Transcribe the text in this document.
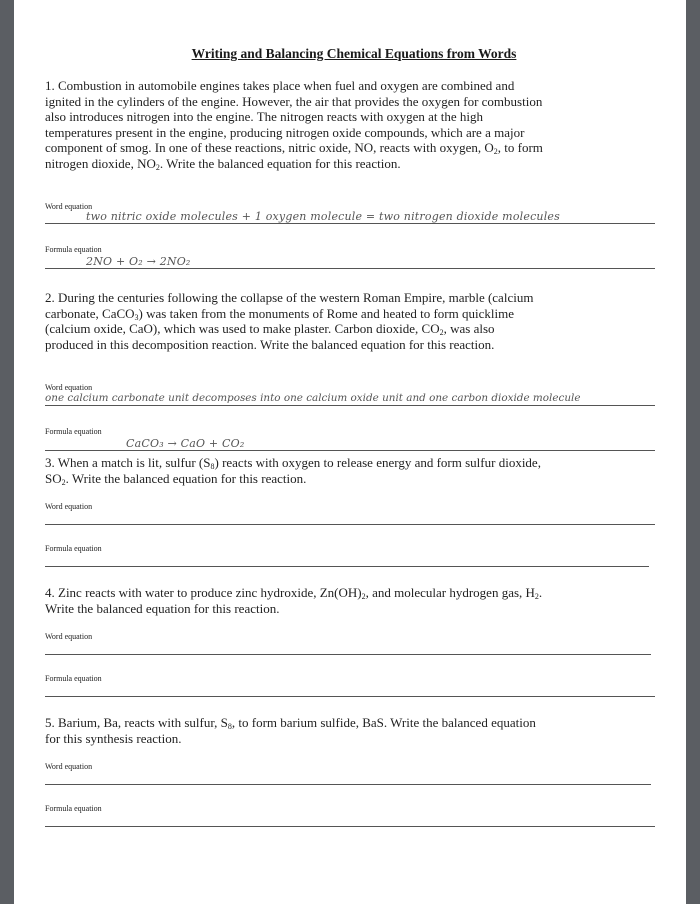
Writing and Balancing Chemical Equations from Words
1. Combustion in automobile engines takes place when fuel and oxygen are combined and ignited in the cylinders of the engine. However, the air that provides the oxygen for combustion also introduces nitrogen into the engine. The nitrogen reacts with oxygen at the high temperatures present in the engine, producing nitrogen oxide compounds, which are a major component of smog. In one of these reactions, nitric oxide, NO, reacts with oxygen, $O_2$, to form nitrogen dioxide, $NO_2$. Write the balanced equation for this reaction.
Word equation
two nitric oxide molecules + 1 oxygen molecule = two nitrogen dioxide molecules
Formula equation
2NO + O₂ → 2NO₂
2. During the centuries following the collapse of the western Roman Empire, marble (calcium carbonate, CaCO$_3$) was taken from the monuments of Rome and heated to form quicklime (calcium oxide, CaO), which was used to make plaster. Carbon dioxide, $CO_2$, was also produced in this decomposition reaction. Write the balanced equation for this reaction.
Word equation
one calcium carbonate unit decomposes into one calcium oxide unit and one carbon dioxide molecule
Formula equation
CaCO₃ → CaO + CO₂
3. When a match is lit, sulfur $(S_8)$ reacts with oxygen to release energy and form sulfur dioxide, $SO_2$. Write the balanced equation for this reaction.
Word equation
Formula equation
4. Zinc reacts with water to produce zinc hydroxide, $Zn(OH)_2$, and molecular hydrogen gas, $H_2$. Write the balanced equation for this reaction.
Word equation
Formula equation
5. Barium, Ba, reacts with sulfur, $S_8$, to form barium sulfide, BaS. Write the balanced equation for this synthesis reaction.
Word equation
Formula equation
